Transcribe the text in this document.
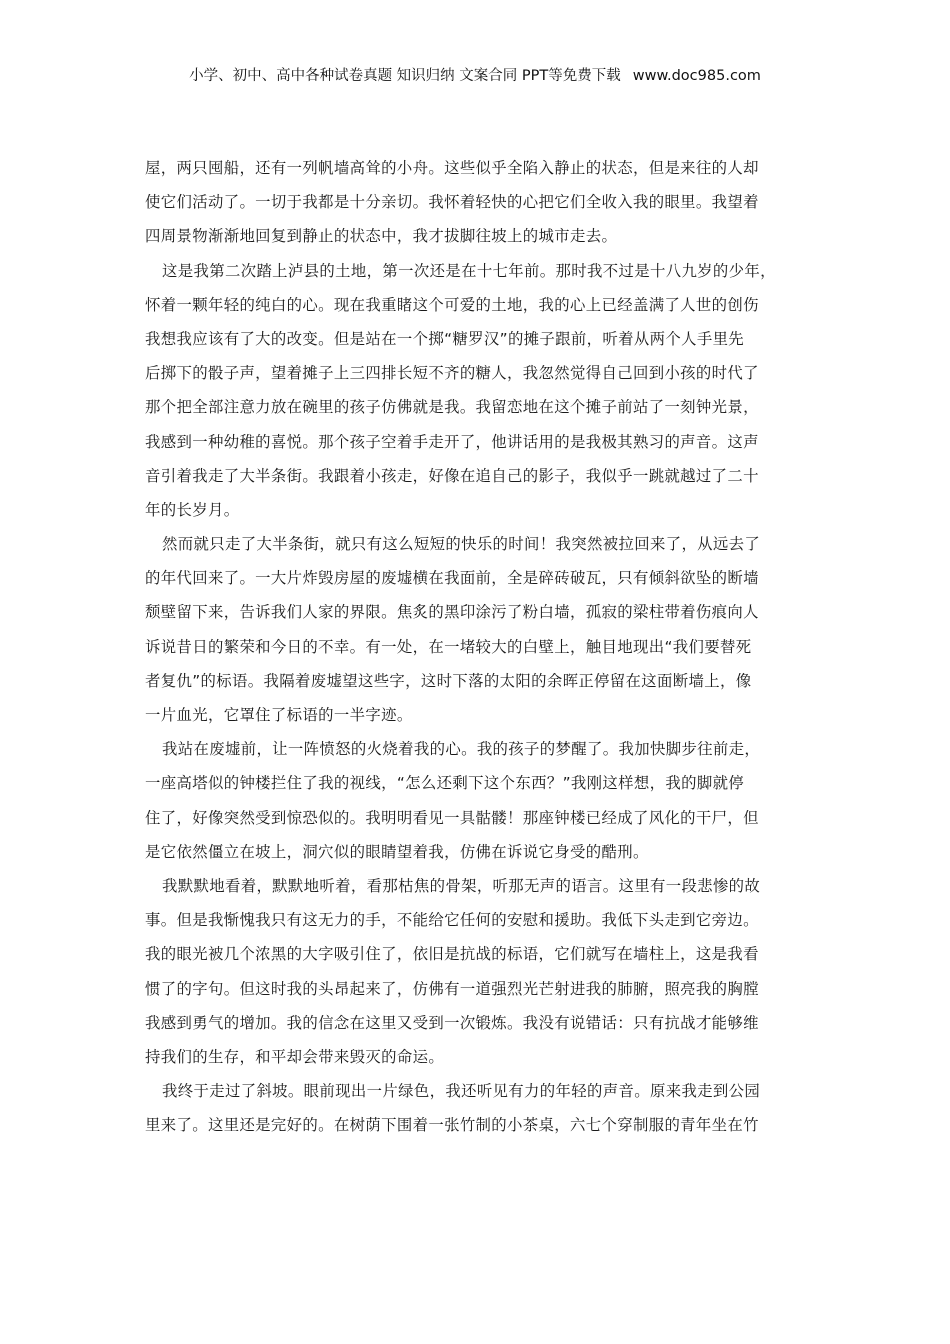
小学、初中、高中各种试卷真题 知识归纳 文案合同 PPT等免费下载 www.doc985.com
屋，两只囤船，还有一列帆墙高耸的小舟。这些似乎全陷入静止的状态，但是来往的人却
使它们活动了。一切于我都是十分亲切。我怀着轻快的心把它们全收入我的眼里。我望着
四周景物渐渐地回复到静止的状态中，我才拔脚往坡上的城市走去。
这是我第二次踏上泸县的土地，第一次还是在十七年前。那时我不过是十八九岁的少年，
怀着一颗年轻的纯白的心。现在我重睹这个可爱的土地，我的心上已经盖满了人世的创伤
我想我应该有了大的改变。但是站在一个掷“糖罗汉”的摊子跟前，听着从两个人手里先
后掷下的骰子声，望着摊子上三四排长短不齐的糖人，我忽然觉得自己回到小孩的时代了
那个把全部注意力放在碗里的孩子仿佛就是我。我留恋地在这个摊子前站了一刻钟光景，
我感到一种幼稚的喜悦。那个孩子空着手走开了，他讲话用的是我极其熟习的声音。这声
音引着我走了大半条街。我跟着小孩走，好像在追自己的影子，我似乎一跳就越过了二十
年的长岁月。
然而就只走了大半条街，就只有这么短短的快乐的时间！我突然被拉回来了，从远去了
的年代回来了。一大片炸毁房屋的废墟横在我面前，全是碎砖破瓦，只有倾斜欲坠的断墙
颓壁留下来，告诉我们人家的界限。焦炙的黑印涂污了粉白墙，孤寂的梁柱带着伤痕向人
诉说昔日的繁荣和今日的不幸。有一处，在一堵较大的白壁上，触目地现出“我们要替死
者复仇”的标语。我隔着废墟望这些字，这时下落的太阳的余晖正停留在这面断墙上，像
一片血光，它罩住了标语的一半字迹。
我站在废墟前，让一阵愤怒的火烧着我的心。我的孩子的梦醒了。我加快脚步往前走，
一座高塔似的钟楼拦住了我的视线，“怎么还剩下这个东西？”我刚这样想，我的脚就停
住了，好像突然受到惊恐似的。我明明看见一具骷髅！那座钟楼已经成了风化的干尸，但
是它依然僵立在坡上，洞穴似的眼睛望着我，仿佛在诉说它身受的酷刑。
我默默地看着，默默地听着，看那枯焦的骨架，听那无声的语言。这里有一段悲惨的故
事。但是我惭愧我只有这无力的手，不能给它任何的安慰和援助。我低下头走到它旁边。
我的眼光被几个浓黑的大字吸引住了，依旧是抗战的标语，它们就写在墙柱上，这是我看
惯了的字句。但这时我的头昂起来了，仿佛有一道强烈光芒射进我的肺腑，照亮我的胸膛
我感到勇气的增加。我的信念在这里又受到一次锻炼。我没有说错话：只有抗战才能够维
持我们的生存，和平却会带来毁灭的命运。
我终于走过了斜坡。眼前现出一片绿色，我还听见有力的年轻的声音。原来我走到公园
里来了。这里还是完好的。在树荫下围着一张竹制的小茶桌，六七个穿制服的青年坐在竹
